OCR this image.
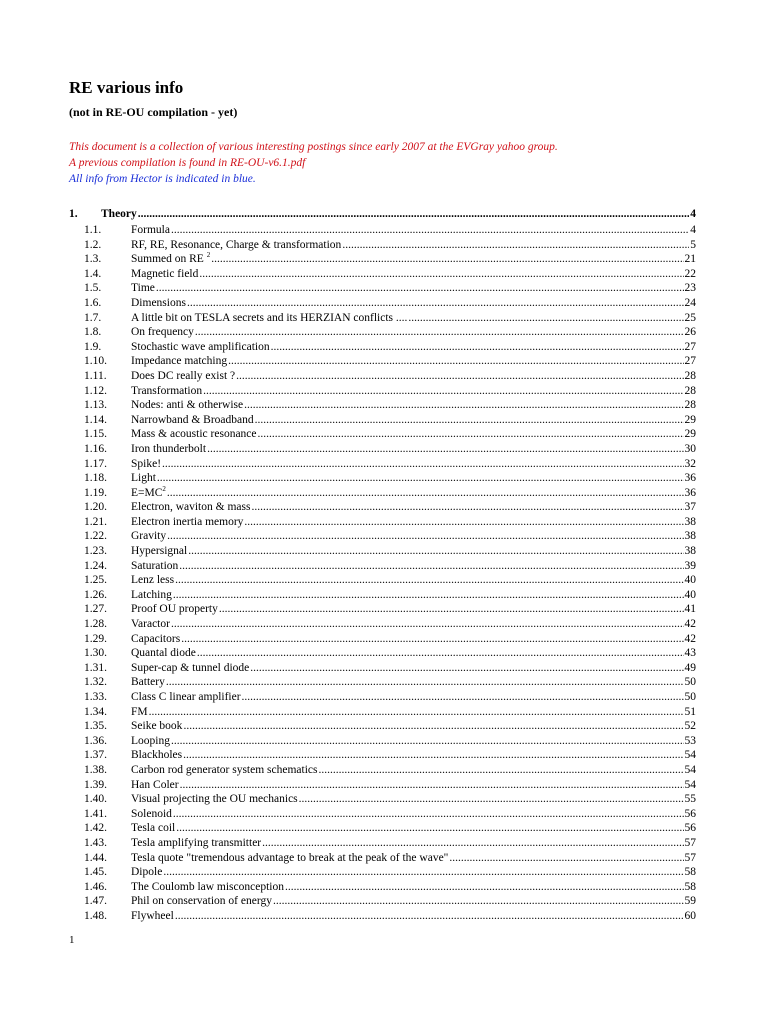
RE various info
(not in RE-OU compilation - yet)
This document is a collection of various interesting postings since early 2007 at the EVGray yahoo group.
A previous compilation is found in RE-OU-v6.1.pdf
All info from Hector is indicated in blue.
1.	Theory .....	4
1.1.	Formula .....	4
1.2.	RF, RE, Resonance, Charge & transformation .....	5
1.3.	Summed on RE $^2$ .....	21
1.4.	Magnetic field .....	22
1.5.	Time .....	23
1.6.	Dimensions .....	24
1.7.	A little bit on TESLA secrets and its HERZIAN conflicts .... .....	25
1.8.	On frequency .....	26
1.9.	Stochastic wave amplification .....	27
1.10.	Impedance matching .....	27
1.11.	Does DC really exist ? .....	28
1.12.	Transformation .....	28
1.13.	Nodes: anti & otherwise .....	28
1.14.	Narrowband & Broadband .....	29
1.15.	Mass & acoustic resonance .....	29
1.16.	Iron thunderbolt .....	30
1.17.	Spike! .....	32
1.18.	Light .....	36
1.19.	$E=MC^2$ .....	36
1.20.	Electron, waviton & mass .....	37
1.21.	Electron inertia memory .....	38
1.22.	Gravity .....	38
1.23.	Hypersignal .....	38
1.24.	Saturation .....	39
1.25.	Lenz less .....	40
1.26.	Latching .....	40
1.27.	Proof OU property .....	41
1.28.	Varactor .....	42
1.29.	Capacitors .....	42
1.30.	Quantal diode .....	43
1.31.	Super-cap & tunnel diode .....	49
1.32.	Battery .....	50
1.33.	Class C linear amplifier .....	50
1.34.	FM .....	51
1.35.	Seike book .....	52
1.36.	Looping .....	53
1.37.	Blackholes .....	54
1.38.	Carbon rod generator system schematics .....	54
1.39.	Han Coler .....	54
1.40.	Visual projecting the OU mechanics .....	55
1.41.	Solenoid .....	56
1.42.	Tesla coil .....	56
1.43.	Tesla amplifying transmitter .....	57
1.44.	Tesla quote "tremendous advantage to break at the peak of the wave" .....	57
1.45.	Dipole .....	58
1.46.	The Coulomb law misconception .....	58
1.47.	Phil on conservation of energy .....	59
1.48.	Flywheel .....	60
1
